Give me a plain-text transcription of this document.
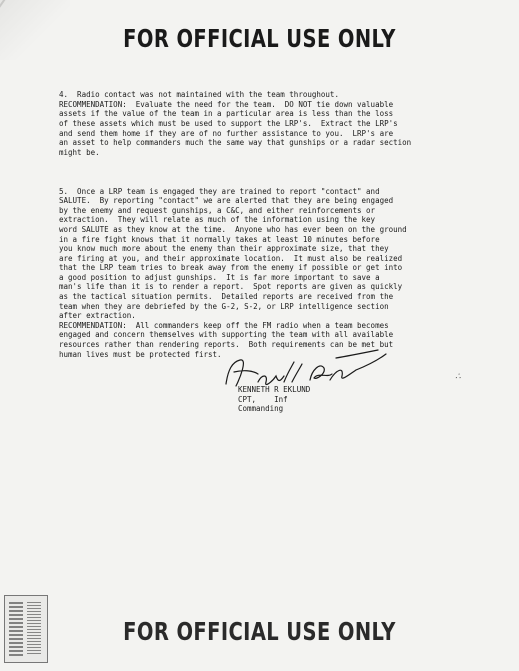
FOR OFFICIAL USE ONLY

4.  Radio contact was not maintained with the team throughout.
RECOMMENDATION:  Evaluate the need for the team.  DO NOT tie down valuable
assets if the value of the team in a particular area is less than the loss
of these assets which must be used to support the LRP's.  Extract the LRP's
and send them home if they are of no further assistance to you.  LRP's are
an asset to help commanders much the same way that gunships or a radar section
might be.

5.  Once a LRP team is engaged they are trained to report "contact" and
SALUTE.  By reporting "contact" we are alerted that they are being engaged
by the enemy and request gunships, a C&C, and either reinforcements or
extraction.  They will relate as much of the information using the key
word SALUTE as they know at the time.  Anyone who has ever been on the ground
in a fire fight knows that it normally takes at least 10 minutes before
you know much more about the enemy than their approximate size, that they
are firing at you, and their approximate location.  It must also be realized
that the LRP team tries to break away from the enemy if possible or get into
a good position to adjust gunships.  It is far more important to save a
man's life than it is to render a report.  Spot reports are given as quickly
as the tactical situation permits.  Detailed reports are received from the
team when they are debriefed by the G-2, S-2, or LRP intelligence section
after extraction.
RECOMMENDATION:  All commanders keep off the FM radio when a team becomes
engaged and concern themselves with supporting the team with all available
resources rather than rendering reports.  Both requirements can be met but
human lives must be protected first.

KENNETH R EKLUND
CPT,    Inf
Commanding
∴
FOR OFFICIAL USE ONLY
